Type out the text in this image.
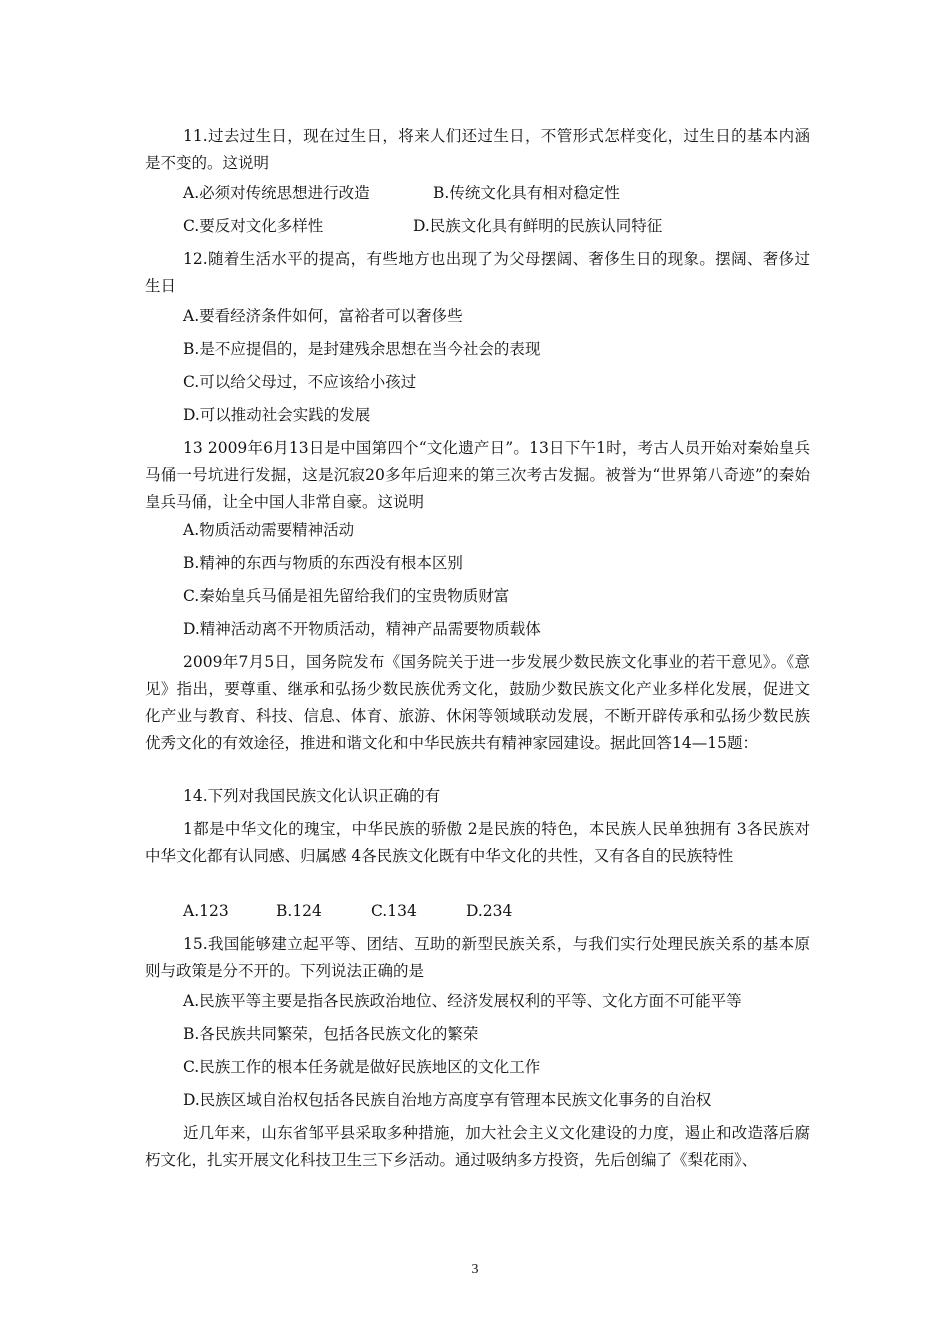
11.过去过生日，现在过生日，将来人们还过生日，不管形式怎样变化，过生日的基本内涵是不变的。这说明

A.必须对传统思想进行改造	B.传统文化具有相对稳定性
C.要反对文化多样性	D.民族文化具有鲜明的民族认同特征

12.随着生活水平的提高，有些地方也出现了为父母摆阔、奢侈生日的现象。摆阔、奢侈过生日

A.要看经济条件如何，富裕者可以奢侈些

B.是不应提倡的，是封建残余思想在当今社会的表现

C.可以给父母过，不应该给小孩过

D.可以推动社会实践的发展

13 2009年6月13日是中国第四个“文化遗产日”。13日下午1时，考古人员开始对秦始皇兵马俑一号坑进行发掘，这是沉寂20多年后迎来的第三次考古发掘。被誉为“世界第八奇迹”的秦始皇兵马俑，让全中国人非常自豪。这说明

A.物质活动需要精神活动

B.精神的东西与物质的东西没有根本区别

C.秦始皇兵马俑是祖先留给我们的宝贵物质财富

D.精神活动离不开物质活动，精神产品需要物质载体

2009年7月5日，国务院发布《国务院关于进一步发展少数民族文化事业的若干意见》。《意见》指出，要尊重、继承和弘扬少数民族优秀文化，鼓励少数民族文化产业多样化发展，促进文化产业与教育、科技、信息、体育、旅游、休闲等领域联动发展，不断开辟传承和弘扬少数民族优秀文化的有效途径，推进和谐文化和中华民族共有精神家园建设。据此回答14—15题：

14.下列对我国民族文化认识正确的有

1都是中华文化的瑰宝，中华民族的骄傲 2是民族的特色，本民族人民单独拥有 3各民族对中华文化都有认同感、归属感 4各民族文化既有中华文化的共性，又有各自的民族特性

A.123	B.124	C.134	D.234

15.我国能够建立起平等、团结、互助的新型民族关系，与我们实行处理民族关系的基本原则与政策是分不开的。下列说法正确的是

A.民族平等主要是指各民族政治地位、经济发展权利的平等、文化方面不可能平等

B.各民族共同繁荣，包括各民族文化的繁荣

C.民族工作的根本任务就是做好民族地区的文化工作

D.民族区域自治权包括各民族自治地方高度享有管理本民族文化事务的自治权

近几年来，山东省邹平县采取多种措施，加大社会主义文化建设的力度，遏止和改造落后腐朽文化，扎实开展文化科技卫生三下乡活动。通过吸纳多方投资，先后创编了《梨花雨》、

3
